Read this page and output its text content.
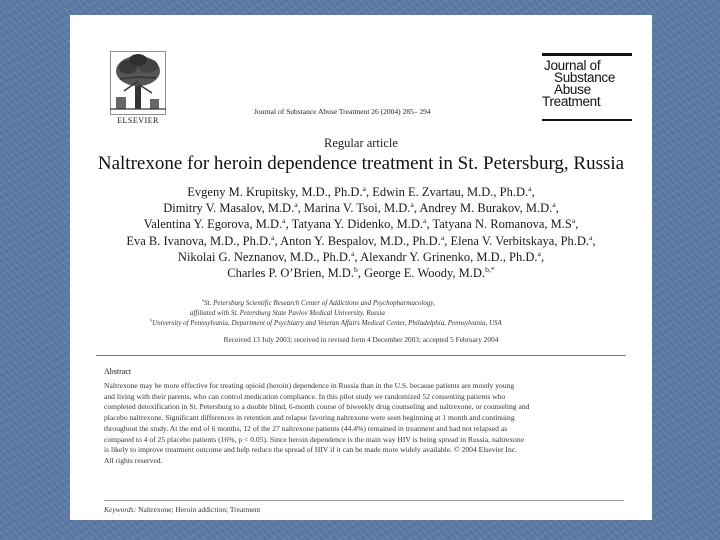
ELSEVIER
Journal of Substance Abuse Treatment 26 (2004) 285– 294
Journal of
Substance
Abuse
Treatment
Regular article
Naltrexone for heroin dependence treatment in St. Petersburg, Russia
Evgeny M. Krupitsky, M.D., Ph.D.$^a$, Edwin E. Zvartau, M.D., Ph.D.$^a$,
Dimitry V. Masalov, M.D.$^a$, Marina V. Tsoi, M.D.$^a$, Andrey M. Burakov, M.D.$^a$,
Valentina Y. Egorova, M.D.$^a$, Tatyana Y. Didenko, M.D.$^a$, Tatyana N. Romanova, $M.S^a$,
Eva B. Ivanova, M.D., Ph.D.$^a$, Anton Y. Bespalov, M.D., Ph.D.$^a$, Elena V. Verbitskaya, Ph.D.$^a$,
Nikolai G. Neznanov, M.D., Ph.D.$^a$, Alexandr Y. Grinenko, M.D., Ph.D.$^a$,
Charles P. O’Brien, M.D.$^b$, George E. Woody, M.D.$^{b,*}$
$^a$St. Petersburg Scientific Research Center of Addictions and Psychopharmacology,
affiliated with St. Petersburg State Pavlov Medical University, Russia
$^b$University of Pennsylvania, Department of Psychiatry and Veteran Affairs Medical Center, Philadelphia, Pennsylvania, USA
Received 13 July 2003; received in revised form 4 December 2003; accepted 5 February 2004
Abstract
Naltrexone may be more effective for treating opioid (heroin) dependence in Russia than in the U.S. because patients are mostly young
and living with their parents, who can control medication compliance. In this pilot study we randomized 52 consenting patients who
completed detoxification in St. Petersburg to a double blind, 6-month course of biweekly drug counseling and naltrexone, or counseling and
placebo naltrexone. Significant differences in retention and relapse favoring naltrexone were seen beginning at 1 month and continuing
throughout the study. At the end of 6 months, 12 of the 27 naltrexone patients (44.4%) remained in treatment and had not relapsed as
compared to 4 of 25 placebo patients (16%, p < 0.05). Since heroin dependence is the main way HIV is being spread in Russia, naltrexone
is likely to improve treatment outcome and help reduce the spread of HIV if it can be made more widely available. © 2004 Elsevier Inc.
All rights reserved.
Keywords: Naltrexone; Heroin addiction; Treatment
